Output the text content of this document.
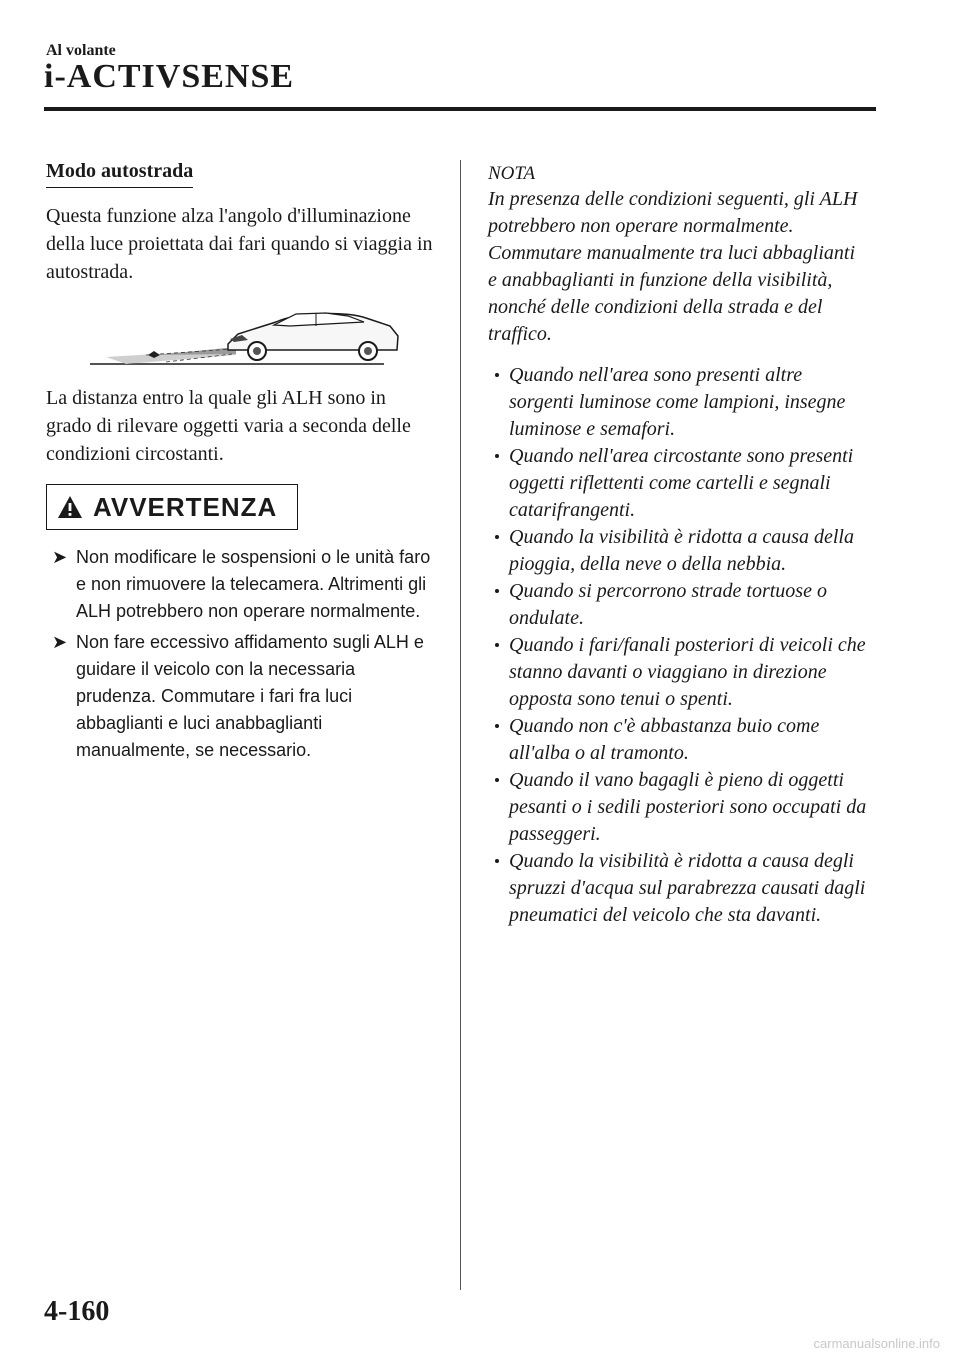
Al volante
i-ACTIVSENSE
Modo autostrada

Questa funzione alza l'angolo d'illuminazione della luce proiettata dai fari quando si viaggia in autostrada.

La distanza entro la quale gli ALH sono in grado di rilevare oggetti varia a seconda delle condizioni circostanti.

AVVERTENZA
➤ Non modificare le sospensioni o le unità faro e non rimuovere la telecamera. Altrimenti gli ALH potrebbero non operare normalmente.
➤ Non fare eccessivo affidamento sugli ALH e guidare il veicolo con la necessaria prudenza. Commutare i fari fra luci abbaglianti e luci anabbaglianti manualmente, se necessario.

NOTA

In presenza delle condizioni seguenti, gli ALH potrebbero non operare normalmente. Commutare manualmente tra luci abbaglianti e anabbaglianti in funzione della visibilità, nonché delle condizioni della strada e del traffico.

Quando nell'area sono presenti altre sorgenti luminose come lampioni, insegne luminose e semafori.
Quando nell'area circostante sono presenti oggetti riflettenti come cartelli e segnali catarifrangenti.
Quando la visibilità è ridotta a causa della pioggia, della neve o della nebbia.
Quando si percorrono strade tortuose o ondulate.
Quando i fari/fanali posteriori di veicoli che stanno davanti o viaggiano in direzione opposta sono tenui o spenti.
Quando non c'è abbastanza buio come all'alba o al tramonto.
Quando il vano bagagli è pieno di oggetti pesanti o i sedili posteriori sono occupati da passeggeri.
Quando la visibilità è ridotta a causa degli spruzzi d'acqua sul parabrezza causati dagli pneumatici del veicolo che sta davanti.
4-160
carmanualsonline.info
